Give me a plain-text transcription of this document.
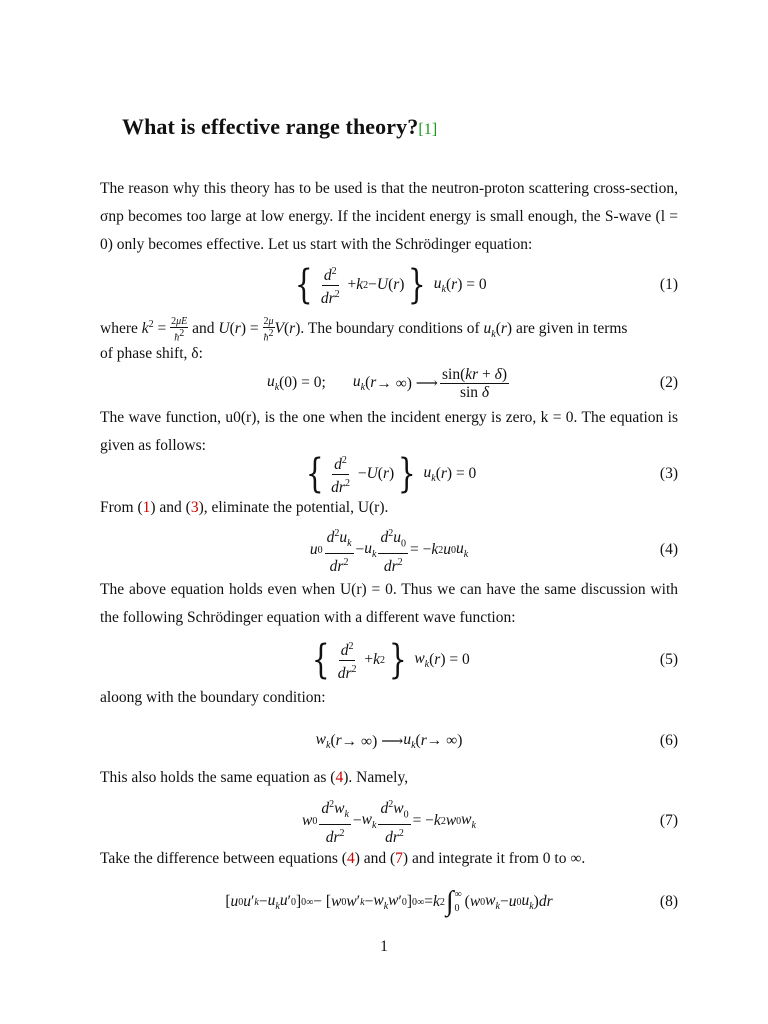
What is effective range theory?[1]

The reason why this theory has to be used is that the neutron-proton scattering cross-section, σnp becomes too large at low energy. If the incident energy is small enough, the S-wave (l = 0) only becomes effective. Let us start with the Schrödinger equation:

{ $\frac{d^2}{dr^2} + k$ 2 − U ( r ) }
$u_k$ ( r ) = 0	(1)
where $k^2 = \frac{2\mu E}{ħ^2}$ and $U(r) = \frac{2\mu}{ħ^2} V(r)$. The boundary conditions of $u_k(r)$ are given in terms
of phase shift, δ:
$u_k$ (0) = 0; $u_k$ ( r → ∞) ⟶ $\frac{\sin(kr + \delta)}{\text{sin δ}}$	(2)

The wave function, u0(r), is the one when the incident energy is zero, k = 0. The equation is given as follows:

{ $\frac{d^2}{dr^2} - U$ ( r ) }
$u_k$ ( r ) = 0	(3)
From (1) and (3), eliminate the potential, U(r).
u $0 \frac{d^2u_k}{dr^2} - u_k \frac{d^2u_0}{dr^2}$ = − k 2 u 0 $u_k$	(4)

The above equation holds even when U(r) = 0. Thus we can have the same discussion with the following Schrödinger equation with a different wave function:

{ $\frac{d^2}{dr^2} + k$ 2 }
$w_k$ ( r ) = 0	(5)
aloong with the boundary condition:
$w_k$ ( r → ∞) ⟶ $u_k$ ( r → ∞)	(6)
This also holds the same equation as (4). Namely,
w $0 \frac{d^2w_k}{dr^2} - w_k \frac{d^2w_0}{dr^2}$ = − k 2 w 0 $w_k$	(7)
Take the difference between equations (4) and (7) and integrate it from 0 to ∞.
[ u 0 u ′ $k - u_ku$ ′ 0 ] 0 ∞ − [ w 0 w ′ $k - w_kw$ ′ 0 ] 0 ∞ = k 2 ∫ ∞
0 ( w 0 $w_k - u$ 0 $u_k$ ) dr	(8)
1
